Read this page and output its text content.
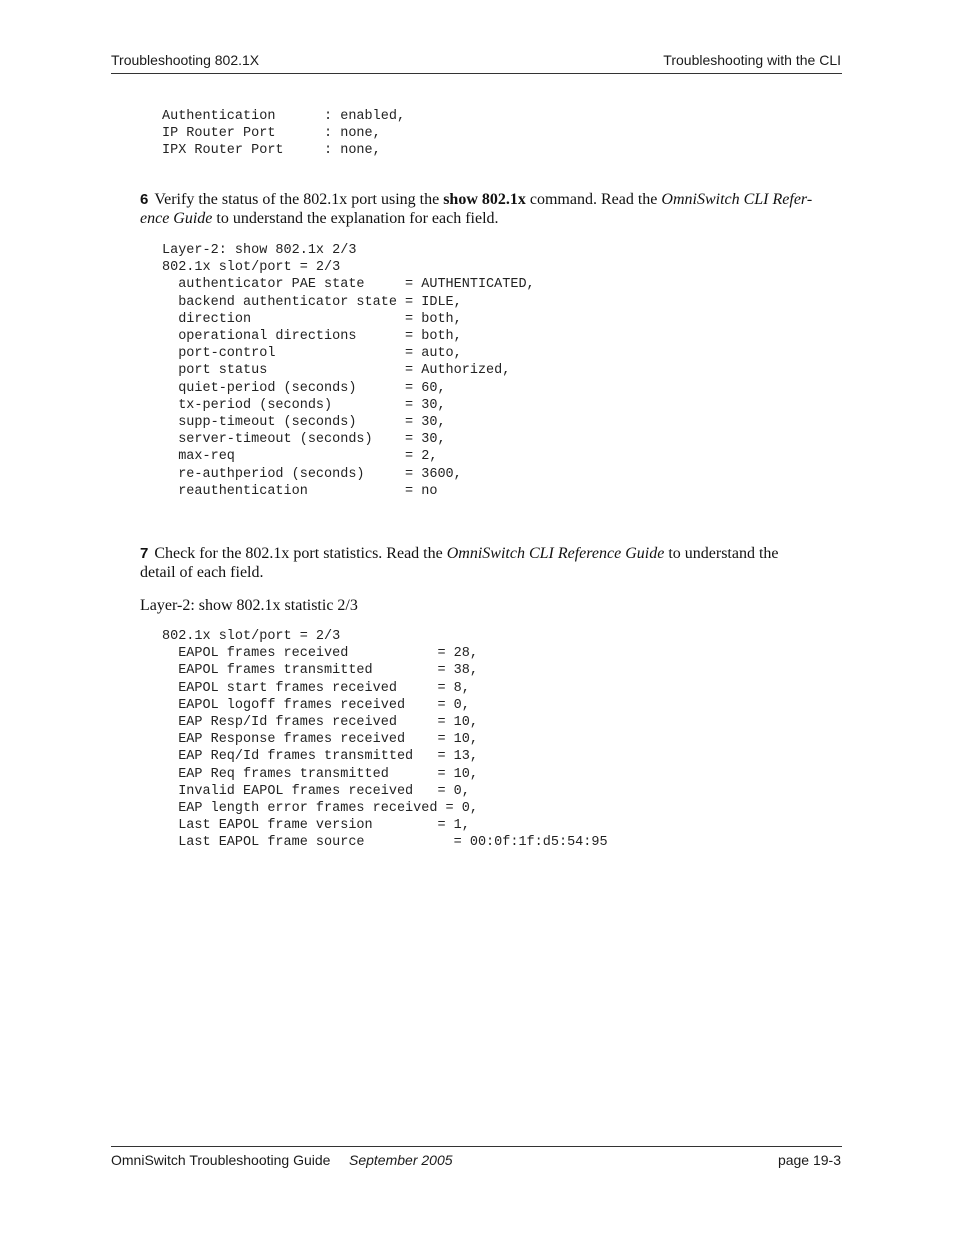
Troubleshooting 802.1X	Troubleshooting with the CLI
Authentication      : enabled,
IP Router Port      : none,
IPX Router Port     : none,
6 Verify the status of the 802.1x port using the show 802.1x command. Read the OmniSwitch CLI Refer-
ence Guide to understand the explanation for each field.
Layer-2: show 802.1x 2/3
802.1x slot/port = 2/3
authenticator PAE state     = AUTHENTICATED,
backend authenticator state = IDLE,
direction                   = both,
operational directions      = both,
port-control                = auto,
port status                 = Authorized,
quiet-period (seconds)      = 60,
tx-period (seconds)         = 30,
supp-timeout (seconds)      = 30,
server-timeout (seconds)    = 30,
max-req                     = 2,
re-authperiod (seconds)     = 3600,
reauthentication            = no
7 Check for the 802.1x port statistics. Read the OmniSwitch CLI Reference Guide to understand the
detail of each field.
Layer-2: show 802.1x statistic 2/3
802.1x slot/port = 2/3
EAPOL frames received           = 28,
EAPOL frames transmitted        = 38,
EAPOL start frames received     = 8,
EAPOL logoff frames received    = 0,
EAP Resp/Id frames received     = 10,
EAP Response frames received    = 10,
EAP Req/Id frames transmitted   = 13,
EAP Req frames transmitted      = 10,
Invalid EAPOL frames received   = 0,
EAP length error frames received = 0,
Last EAPOL frame version        = 1,
Last EAPOL frame source           = 00:0f:1f:d5:54:95
OmniSwitch Troubleshooting Guide September 2005	page 19-3
